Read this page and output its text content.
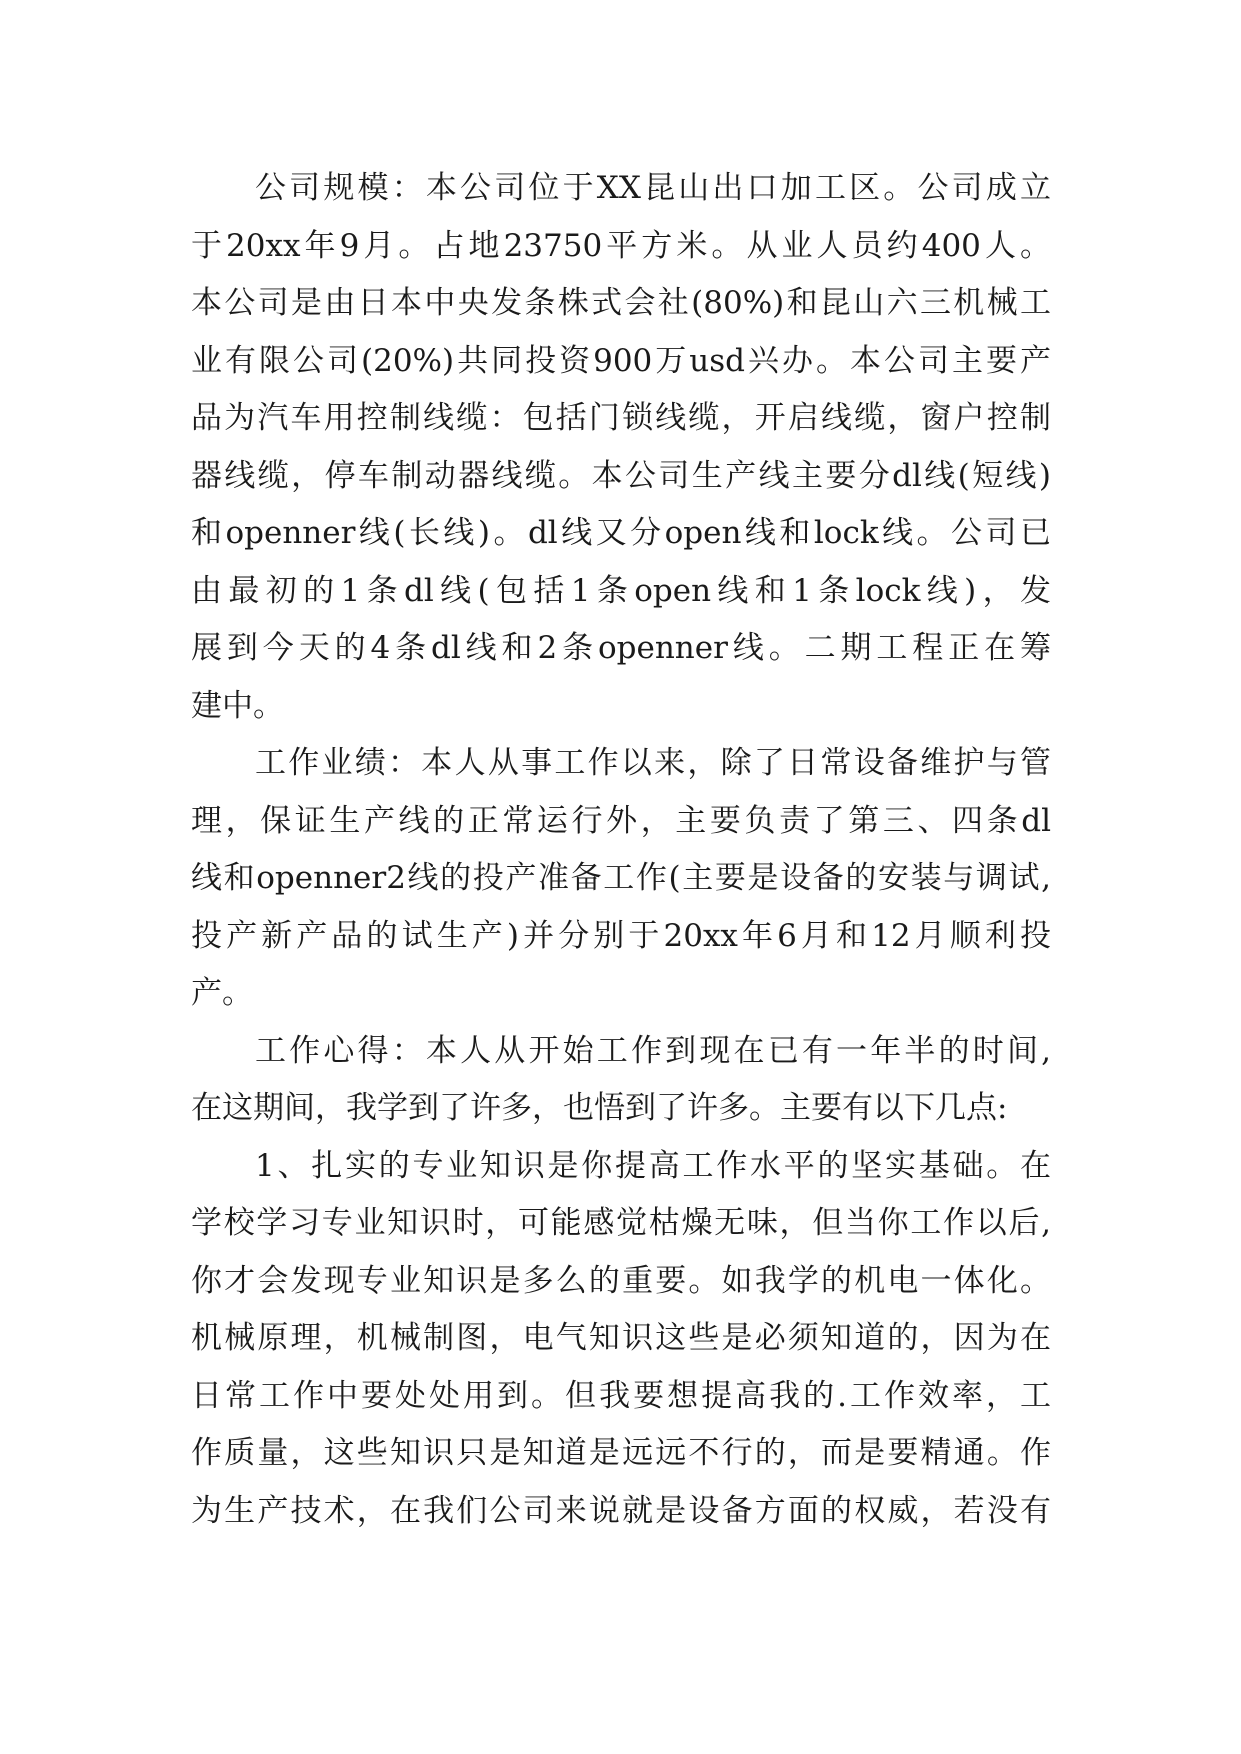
公司规模：本公司位于XX昆山出口加工区。公司成立
于20xx年9月。占地23750平方米。从业人员约400人。
本公司是由日本中央发条株式会社(80%)和昆山六三机械工
业有限公司(20%)共同投资900万usd兴办。本公司主要产
品为汽车用控制线缆：包括门锁线缆，开启线缆，窗户控制
器线缆，停车制动器线缆。本公司生产线主要分dl线(短线)
和openner线(长线)。dl线又分open线和lock线。公司已
由最初的1条dl线(包括1条open线和1条lock线)，发
展到今天的4条dl线和2条openner线。二期工程正在筹
建中。
工作业绩：本人从事工作以来，除了日常设备维护与管
理，保证生产线的正常运行外，主要负责了第三、四条dl
线和openner2线的投产准备工作(主要是设备的安装与调试,
投产新产品的试生产)并分别于20xx年6月和12月顺利投
产。
工作心得：本人从开始工作到现在已有一年半的时间,
在这期间，我学到了许多，也悟到了许多。主要有以下几点:
1、扎实的专业知识是你提高工作水平的坚实基础。在
学校学习专业知识时，可能感觉枯燥无味，但当你工作以后,
你才会发现专业知识是多么的重要。如我学的机电一体化。
机械原理，机械制图，电气知识这些是必须知道的，因为在
日常工作中要处处用到。但我要想提高我的.工作效率，工
作质量，这些知识只是知道是远远不行的，而是要精通。作
为生产技术，在我们公司来说就是设备方面的权威，若没有
